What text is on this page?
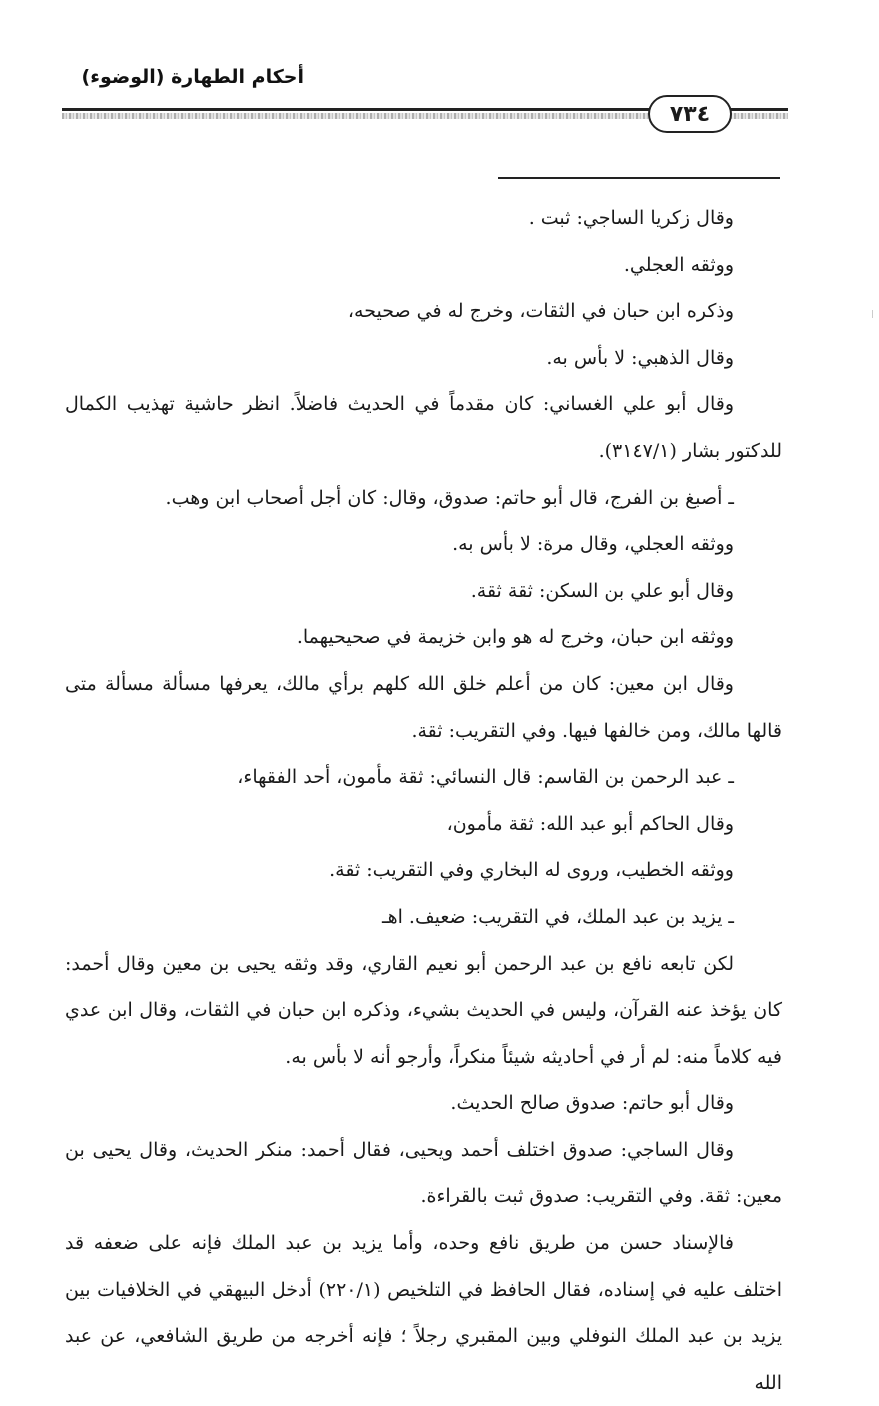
أحكام الطهارة (الوضوء)
٧٣٤

وقال زكريا الساجي: ثبت .

ووثقه العجلي.

وذكره ابن حبان في الثقات، وخرج له في صحيحه،

وقال الذهبي: لا بأس به.

وقال أبو علي الغساني: كان مقدماً في الحديث فاضلاً. انظر حاشية تهذيب الكمال للدكتور بشار (٣١٤٧/١).

ـ أصبغ بن الفرج، قال أبو حاتم: صدوق، وقال: كان أجل أصحاب ابن وهب.

ووثقه العجلي، وقال مرة: لا بأس به.

وقال أبو علي بن السكن: ثقة ثقة.

ووثقه ابن حبان، وخرج له هو وابن خزيمة في صحيحيهما.

وقال ابن معين: كان من أعلم خلق الله كلهم برأي مالك، يعرفها مسألة مسألة متى قالها مالك، ومن خالفها فيها. وفي التقريب: ثقة.

ـ عبد الرحمن بن القاسم: قال النسائي: ثقة مأمون، أحد الفقهاء،

وقال الحاكم أبو عبد الله: ثقة مأمون،

ووثقه الخطيب، وروى له البخاري وفي التقريب: ثقة.

ـ يزيد بن عبد الملك، في التقريب: ضعيف. اهـ

لكن تابعه نافع بن عبد الرحمن أبو نعيم القاري، وقد وثقه يحيى بن معين وقال أحمد: كان يؤخذ عنه القرآن، وليس في الحديث بشيء، وذكره ابن حبان في الثقات، وقال ابن عدي فيه كلاماً منه: لم أر في أحاديثه شيئاً منكراً، وأرجو أنه لا بأس به.

وقال أبو حاتم: صدوق صالح الحديث.

وقال الساجي: صدوق اختلف أحمد ويحيى، فقال أحمد: منكر الحديث، وقال يحيى بن معين: ثقة. وفي التقريب: صدوق ثبت بالقراءة.

فالإسناد حسن من طريق نافع وحده، وأما يزيد بن عبد الملك فإنه على ضعفه قد اختلف عليه في إسناده، فقال الحافظ في التلخيص (٢٢٠/١) أدخل البيهقي في الخلافيات بين يزيد بن عبد الملك النوفلي وبين المقبري رجلاً ؛ فإنه أخرجه من طريق الشافعي، عن عبد الله
